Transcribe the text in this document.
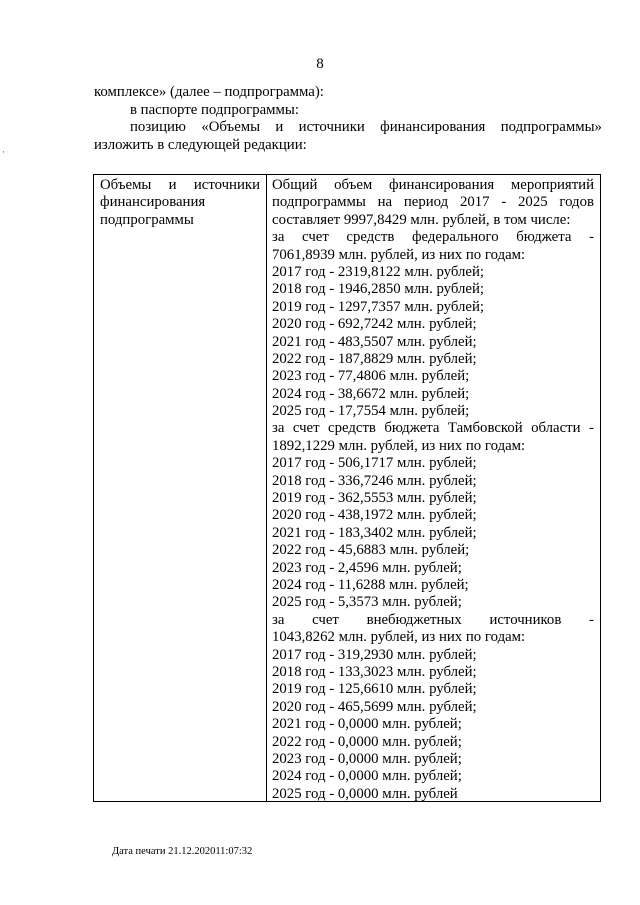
8
·
комплексе» (далее – подпрограмма):
в паспорте подпрограммы:
позицию «Объемы и источники финансирования подпрограммы»
изложить в следующей редакции:
Объемы и источники
финансирования
подпрограммы
Общий объем финансирования мероприятий
подпрограммы на период 2017 - 2025 годов
составляет 9997,8429 млн. рублей, в том числе:
за счет средств федерального бюджета -
7061,8939 млн. рублей, из них по годам:
2017 год - 2319,8122 млн. рублей;
2018 год - 1946,2850 млн. рублей;
2019 год - 1297,7357 млн. рублей;
2020 год - 692,7242 млн. рублей;
2021 год - 483,5507 млн. рублей;
2022 год - 187,8829 млн. рублей;
2023 год - 77,4806 млн. рублей;
2024 год - 38,6672 млн. рублей;
2025 год - 17,7554 млн. рублей;
за счет средств бюджета Тамбовской области -
1892,1229 млн. рублей, из них по годам:
2017 год - 506,1717 млн. рублей;
2018 год - 336,7246 млн. рублей;
2019 год - 362,5553 млн. рублей;
2020 год - 438,1972 млн. рублей;
2021 год - 183,3402 млн. рублей;
2022 год - 45,6883 млн. рублей;
2023 год - 2,4596 млн. рублей;
2024 год - 11,6288 млн. рублей;
2025 год - 5,3573 млн. рублей;
за счет внебюджетных источников -
1043,8262 млн. рублей, из них по годам:
2017 год - 319,2930 млн. рублей;
2018 год - 133,3023 млн. рублей;
2019 год - 125,6610 млн. рублей;
2020 год - 465,5699 млн. рублей;
2021 год - 0,0000 млн. рублей;
2022 год - 0,0000 млн. рублей;
2023 год - 0,0000 млн. рублей;
2024 год - 0,0000 млн. рублей;
2025 год - 0,0000 млн. рублей
Дата печати 21.12.202011:07:32
